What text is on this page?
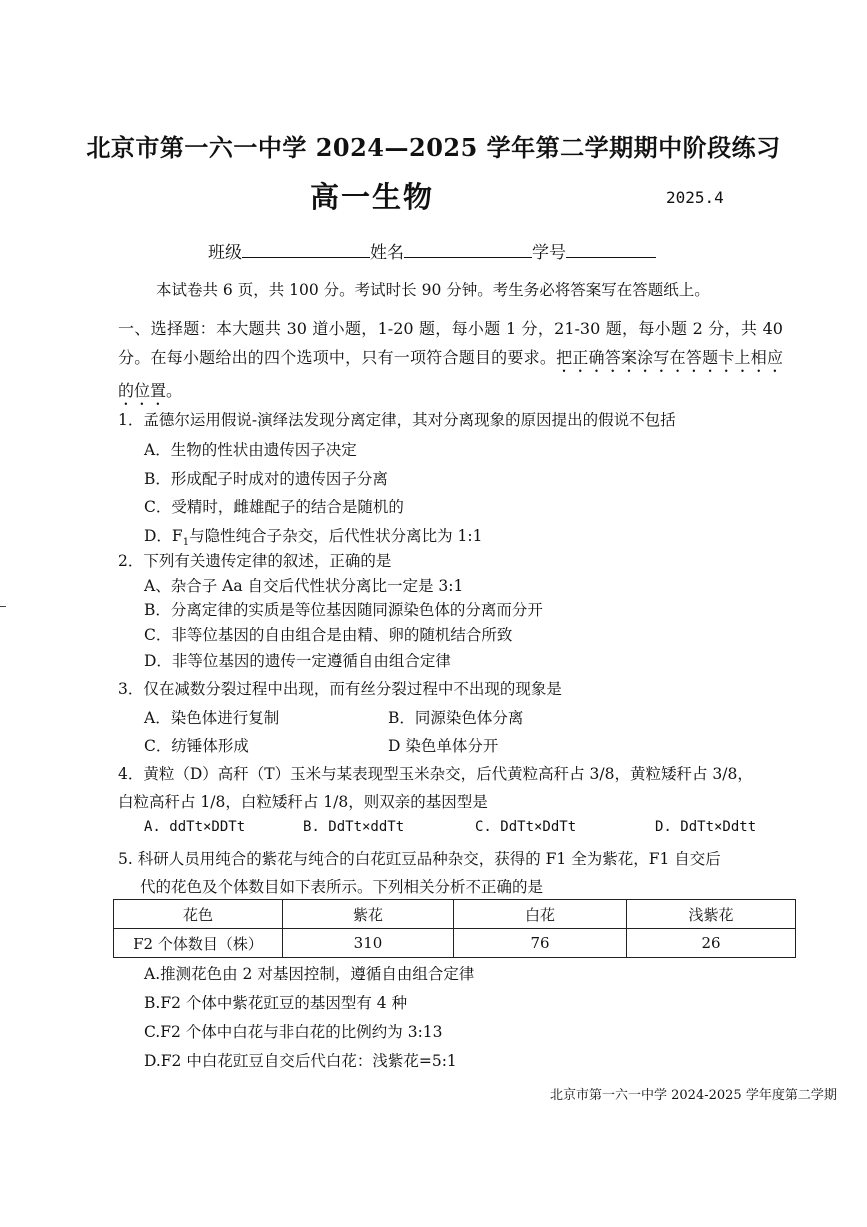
北京市第一六一中学 2024—2025 学年第二学期期中阶段练习
高一生物	2025.4
班级	姓名	学号
本试卷共 6 页，共 100 分。考试时长 90 分钟。考生务必将答案写在答题纸上。
一、选择题：本大题共 30 道小题，1-20 题，每小题 1 分，21-30 题，每小题 2 分，共 40 分。在每小题给出的四个选项中，只有一项符合题目的要求。把正确答案涂写在答题卡上相应的位置。
1．孟德尔运用假说-演绎法发现分离定律，其对分离现象的原因提出的假说不包括
A．生物的性状由遗传因子决定
B．形成配子时成对的遗传因子分离
C．受精时，雌雄配子的结合是随机的
D．$F_1$与隐性纯合子杂交，后代性状分离比为 1:1
2．下列有关遗传定律的叙述，正确的是
A、杂合子 Aa 自交后代性状分离比一定是 3:1
B．分离定律的实质是等位基因随同源染色体的分离而分开
C．非等位基因的自由组合是由精、卵的随机结合所致
D．非等位基因的遗传一定遵循自由组合定律
3．仅在减数分裂过程中出现，而有丝分裂过程中不出现的现象是
A．染色体进行复制	B．同源染色体分离
C．纺锤体形成	D 染色单体分开
4．黄粒（D）高秆（T）玉米与某表现型玉米杂交，后代黄粒高秆占 3/8，黄粒矮秆占 3/8，
白粒高秆占 1/8，白粒矮秆占 1/8，则双亲的基因型是
A. ddTt×DDTt	B. DdTt×ddTt	C. DdTt×DdTt	D. DdTt×Ddtt
5. 科研人员用纯合的紫花与纯合的白花豇豆品种杂交，获得的 F1 全为紫花，F1 自交后
代的花色及个体数目如下表所示。下列相关分析不正确的是
花色	紫花	白花	浅紫花
F2 个体数目（株）	310	76	26
A.推测花色由 2 对基因控制，遵循自由组合定律
B.F2 个体中紫花豇豆的基因型有 4 种
C.F2 个体中白花与非白花的比例约为 3:13
D.F2 中白花豇豆自交后代白花：浅紫花=5:1
北京市第一六一中学 2024-2025 学年度第二学期
